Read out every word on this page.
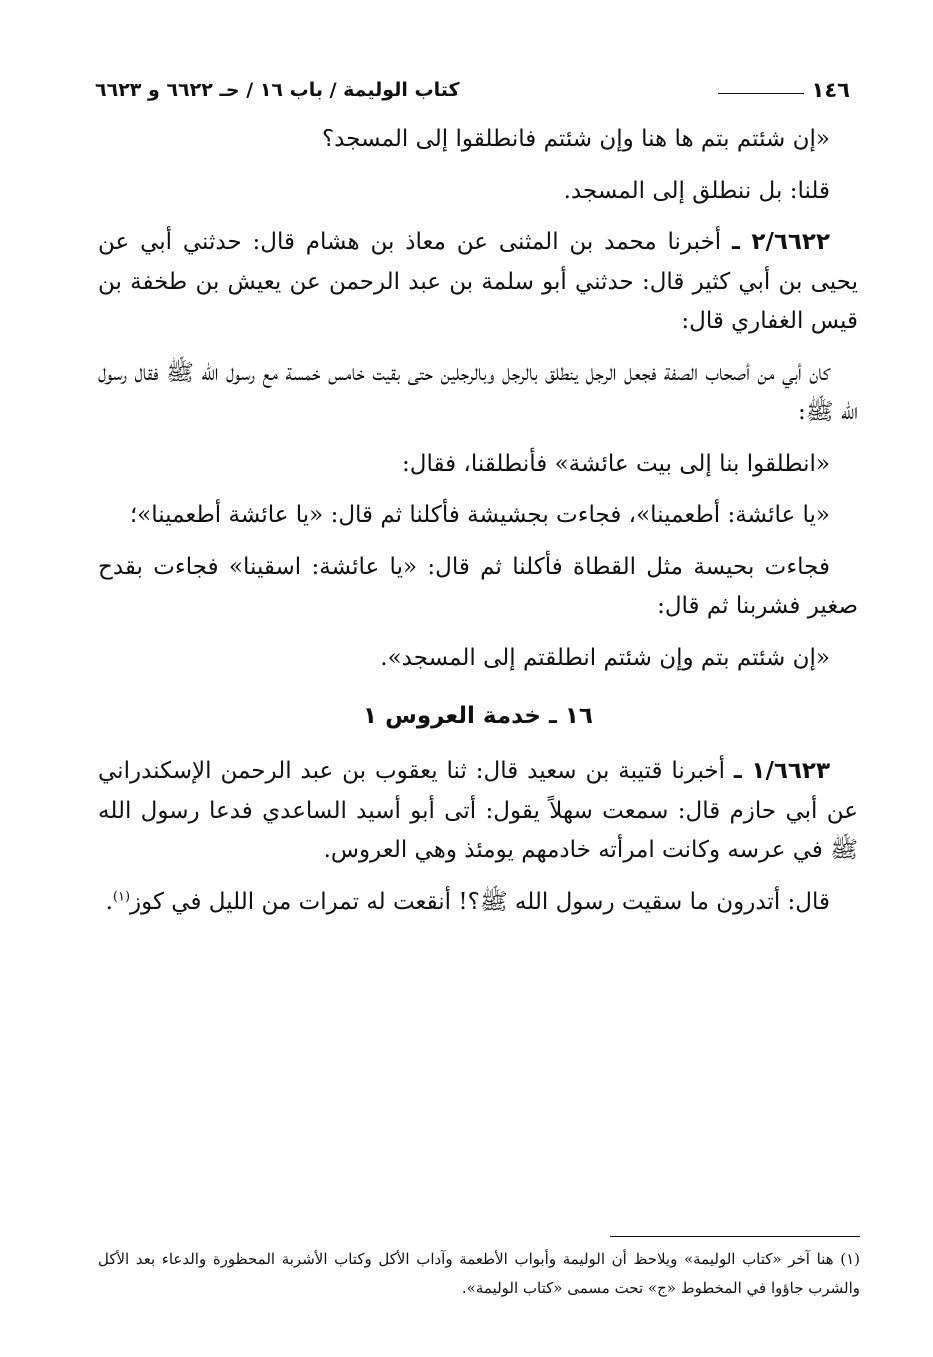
كتاب الوليمة / باب ١٦ / حـ ٦٦٢٢ و ٦٦٢٣	١٤٦

«إن شئتم بتم ها هنا وإن شئتم فانطلقوا إلى المسجد؟

قلنا: بل ننطلق إلى المسجد.

٢/٦٦٢٢ ـ أخبرنا محمد بن المثنى عن معاذ بن هشام قال: حدثني أبي عن يحيى بن أبي كثير قال: حدثني أبو سلمة بن عبد الرحمن عن يعيش بن طخفة بن قيس الغفاري قال:

كان أبي من أصحاب الصفة فجعل الرجل ينطلق بالرجل وبالرجلين حتى بقيت خامس خمسة مع رسول الله ﷺ فقال رسول الله ﷺ:

«انطلقوا بنا إلى بيت عائشة» فأنطلقنا، فقال:

«يا عائشة: أطعمينا»، فجاءت بجشيشة فأكلنا ثم قال: «يا عائشة أطعمينا»؛

فجاءت بحيسة مثل القطاة فأكلنا ثم قال: «يا عائشة: اسقينا» فجاءت بقدح صغير فشربنا ثم قال:

«إن شئتم بتم وإن شئتم انطلقتم إلى المسجد».

١٦ ـ خدمة العروس ١

١/٦٦٢٣ ـ أخبرنا قتيبة بن سعيد قال: ثنا يعقوب بن عبد الرحمن الإسكندراني عن أبي حازم قال: سمعت سهلاً يقول: أتى أبو أسيد الساعدي فدعا رسول الله ﷺ في عرسه وكانت امرأته خادمهم يومئذ وهي العروس.

قال: أتدرون ما سقيت رسول الله ﷺ؟! أنقعت له تمرات من الليل في كوز$^{(١)}$.

(١) هنا آخر «كتاب الوليمة» ويلاحظ أن الوليمة وأبواب الأطعمة وآداب الأكل وكتاب الأشربة المحظورة والدعاء بعد الأكل والشرب جاؤوا في المخطوط «ج» تحت مسمى «كتاب الوليمة».
